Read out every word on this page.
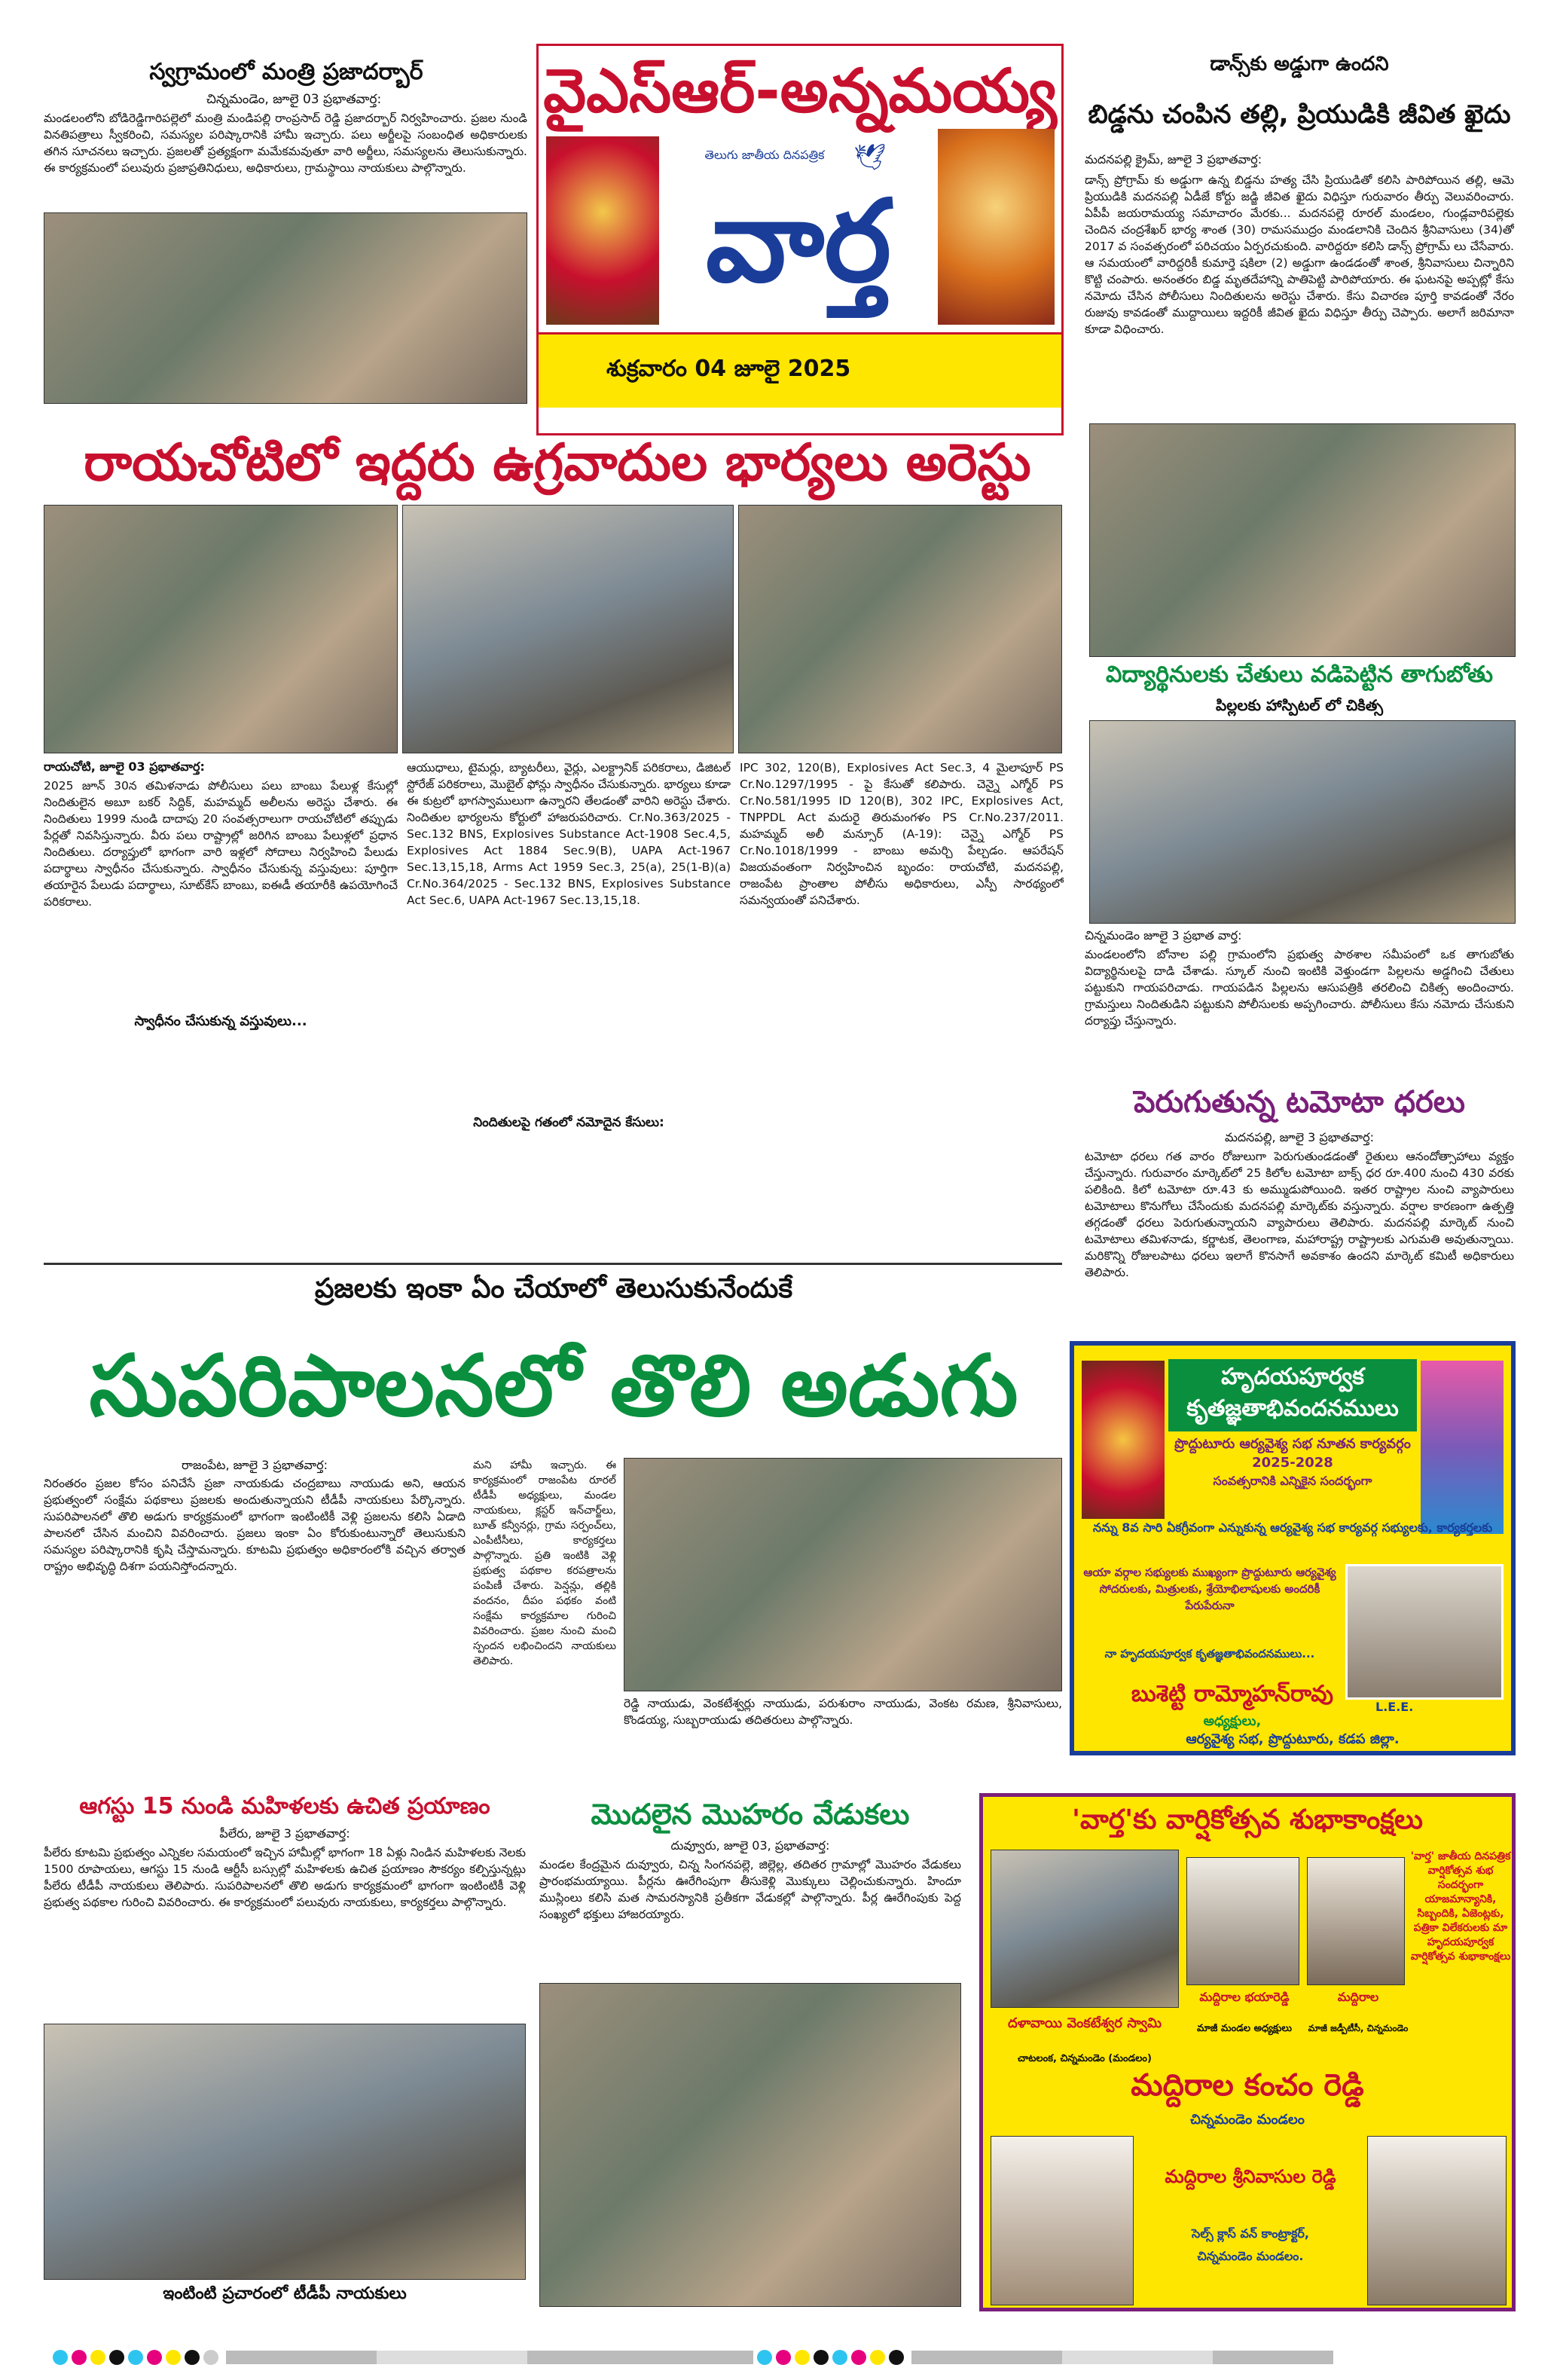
స్వగ్రామంలో మంత్రి ప్రజాదర్బార్
చిన్నమండెం, జూలై 03 ప్రభాతవార్త:
మండలంలోని బోడిరెడ్డిగారిపల్లెలో మంత్రి మండిపల్లి రాంప్రసాద్ రెడ్డి ప్రజాదర్బార్ నిర్వహించారు. ప్రజల నుండి వినతిపత్రాలు స్వీకరించి, సమస్యల పరిష్కారానికి హామీ ఇచ్చారు. పలు అర్జీలపై సంబంధిత అధికారులకు తగిన సూచనలు ఇచ్చారు. ప్రజలతో ప్రత్యక్షంగా మమేకమవుతూ వారి అర్జీలు, సమస్యలను తెలుసుకున్నారు. ఈ కార్యక్రమంలో పలువురు ప్రజాప్రతినిధులు, అధికారులు, గ్రామస్థాయి నాయకులు పాల్గొన్నారు.
వైఎస్ఆర్-అన్నమయ్య
తెలుగు జాతీయ దినపత్రిక	🕊
వార్త
శుక్రవారం 04 జూలై 2025
డాన్స్‌కు అడ్డుగా ఉందని
బిడ్డను చంపిన తల్లి, ప్రియుడికి జీవిత ఖైదు
మదనపల్లి క్రైమ్, జూలై 3 ప్రభాతవార్త:
డాన్స్ ప్రోగ్రామ్ కు అడ్డుగా ఉన్న బిడ్డను హత్య చేసి ప్రియుడితో కలిసి పారిపోయిన తల్లి, ఆమె ప్రియుడికి మదనపల్లి ఏడీజే కోర్టు జడ్జి జీవిత ఖైదు విధిస్తూ గురువారం తీర్పు వెలువరించారు. ఏపీపీ జయరామయ్య సమాచారం మేరకు... మదనపల్లె రూరల్ మండలం, గుండ్లవారిపల్లెకు చెందిన చంద్రశేఖర్ భార్య శాంత (30) రామసముద్రం మండలానికి చెందిన శ్రీనివాసులు (34)తో 2017 వ సంవత్సరంలో పరిచయం ఏర్పరచుకుంది. వారిద్దరూ కలిసి డాన్స్ ప్రోగ్రామ్ లు చేసేవారు. ఆ సమయంలో వారిద్దరికీ కుమార్తె షకిలా (2) అడ్డుగా ఉండడంతో శాంత, శ్రీనివాసులు చిన్నారిని కొట్టి చంపారు. అనంతరం బిడ్డ మృతదేహాన్ని పాతిపెట్టి పారిపోయారు. ఈ ఘటనపై అప్పట్లో కేసు నమోదు చేసిన పోలీసులు నిందితులను అరెస్టు చేశారు. కేసు విచారణ పూర్తి కావడంతో నేరం రుజువు కావడంతో ముద్దాయిలు ఇద్దరికీ జీవిత ఖైదు విధిస్తూ తీర్పు చెప్పారు. అలాగే జరిమానా కూడా విధించారు.
రాయచోటిలో ఇద్దరు ఉగ్రవాదుల భార్యలు అరెస్టు
రాయచోటి, జూలై 03 ప్రభాతవార్త:
2025 జూన్ 30న తమిళనాడు పోలీసులు పలు బాంబు పేలుళ్ల కేసుల్లో నిందితులైన అబూ బకర్ సిద్దిక్, మహమ్మద్ అలీలను అరెస్టు చేశారు. ఈ నిందితులు 1999 నుండి దాదాపు 20 సంవత్సరాలుగా రాయచోటిలో తప్పుడు పేర్లతో నివసిస్తున్నారు. వీరు పలు రాష్ట్రాల్లో జరిగిన బాంబు పేలుళ్లలో ప్రధాన నిందితులు. దర్యాప్తులో భాగంగా వారి ఇళ్లలో సోదాలు నిర్వహించి పేలుడు పదార్థాలు స్వాధీనం చేసుకున్నారు. స్వాధీనం చేసుకున్న వస్తువులు: పూర్తిగా తయారైన పేలుడు పదార్థాలు, సూట్‌కేస్ బాంబు, ఐఈడీ తయారీకి ఉపయోగించే పరికరాలు.
స్వాధీనం చేసుకున్న వస్తువులు...
ఆయుధాలు, టైమర్లు, బ్యాటరీలు, వైర్లు, ఎలక్ట్రానిక్ పరికరాలు, డిజిటల్ స్టోరేజ్ పరికరాలు, మొబైల్ ఫోన్లు స్వాధీనం చేసుకున్నారు. భార్యలు కూడా ఈ కుట్రలో భాగస్వాములుగా ఉన్నారని తేలడంతో వారిని అరెస్టు చేశారు. నిందితుల భార్యలను కోర్టులో హాజరుపరిచారు. Cr.No.363/2025 - Sec.132 BNS, Explosives Substance Act-1908 Sec.4,5, Explosives Act 1884 Sec.9(B), UAPA Act-1967 Sec.13,15,18, Arms Act 1959 Sec.3, 25(a), 25(1-B)(a) Cr.No.364/2025 - Sec.132 BNS, Explosives Substance Act Sec.6, UAPA Act-1967 Sec.13,15,18.
నిందితులపై గతంలో నమోదైన కేసులు:
IPC 302, 120(B), Explosives Act Sec.3, 4 మైలాపూర్ PS Cr.No.1297/1995 - పై కేసుతో కలిపారు. చెన్నై ఎగ్మోర్ PS Cr.No.581/1995 ID 120(B), 302 IPC, Explosives Act, TNPPDL Act మదురై తిరుమంగళం PS Cr.No.237/2011. మహమ్మద్ అలీ మన్సూర్ (A-19): చెన్నై ఎగ్మోర్ PS Cr.No.1018/1999 - బాంబు అమర్చి పేల్చడం. ఆపరేషన్ విజయవంతంగా నిర్వహించిన బృందం: రాయచోటి, మదనపల్లి, రాజంపేట ప్రాంతాల పోలీసు అధికారులు, ఎస్పీ సారథ్యంలో సమన్వయంతో పనిచేశారు.
విద్యార్థినులకు చేతులు వడిపెట్టిన తాగుబోతు
పిల్లలకు హాస్పిటల్ లో చికిత్స
చిన్నమండెం జూలై 3 ప్రభాత వార్త:
మండలంలోని బోనాల పల్లి గ్రామంలోని ప్రభుత్వ పాఠశాల సమీపంలో ఒక తాగుబోతు విద్యార్థినులపై దాడి చేశాడు. స్కూల్ నుంచి ఇంటికి వెళ్తుండగా పిల్లలను అడ్డగించి చేతులు పట్టుకుని గాయపరిచాడు. గాయపడిన పిల్లలను ఆసుపత్రికి తరలించి చికిత్స అందించారు. గ్రామస్తులు నిందితుడిని పట్టుకుని పోలీసులకు అప్పగించారు. పోలీసులు కేసు నమోదు చేసుకుని దర్యాప్తు చేస్తున్నారు.
పెరుగుతున్న టమోటా ధరలు
మదనపల్లి, జూలై 3 ప్రభాతవార్త:
టమోటా ధరలు గత వారం రోజులుగా పెరుగుతుండడంతో రైతులు ఆనందోత్సాహాలు వ్యక్తం చేస్తున్నారు. గురువారం మార్కెట్‌లో 25 కిలోల టమోటా బాక్స్ ధర రూ.400 నుంచి 430 వరకు పలికింది. కిలో టమోటా రూ.43 కు అమ్ముడుపోయింది. ఇతర రాష్ట్రాల నుంచి వ్యాపారులు టమోటాలు కొనుగోలు చేసేందుకు మదనపల్లి మార్కెట్‌కు వస్తున్నారు. వర్షాల కారణంగా ఉత్పత్తి తగ్గడంతో ధరలు పెరుగుతున్నాయని వ్యాపారులు తెలిపారు. మదనపల్లి మార్కెట్ నుంచి టమోటాలు తమిళనాడు, కర్ణాటక, తెలంగాణ, మహారాష్ట్ర రాష్ట్రాలకు ఎగుమతి అవుతున్నాయి. మరికొన్ని రోజులపాటు ధరలు ఇలాగే కొనసాగే అవకాశం ఉందని మార్కెట్ కమిటీ అధికారులు తెలిపారు.
ప్రజలకు ఇంకా ఏం చేయాలో తెలుసుకునేందుకే
సుపరిపాలనలో తొలి అడుగు
రాజంపేట, జూలై 3 ప్రభాతవార్త:
నిరంతరం ప్రజల కోసం పనిచేసే ప్రజా నాయకుడు చంద్రబాబు నాయుడు అని, ఆయన ప్రభుత్వంలో సంక్షేమ పథకాలు ప్రజలకు అందుతున్నాయని టీడీపీ నాయకులు పేర్కొన్నారు. సుపరిపాలనలో తొలి అడుగు కార్యక్రమంలో భాగంగా ఇంటింటికీ వెళ్లి ప్రజలను కలిసి ఏడాది పాలనలో చేసిన మంచిని వివరించారు. ప్రజలు ఇంకా ఏం కోరుకుంటున్నారో తెలుసుకుని సమస్యల పరిష్కారానికి కృషి చేస్తామన్నారు. కూటమి ప్రభుత్వం అధికారంలోకి వచ్చిన తర్వాత రాష్ట్రం అభివృద్ధి దిశగా పయనిస్తోందన్నారు.
మని హామీ ఇచ్చారు. ఈ కార్యక్రమంలో రాజంపేట రూరల్ టీడీపీ అధ్యక్షులు, మండల నాయకులు, క్లస్టర్ ఇన్‌చార్జ్‌లు, బూత్ కన్వీనర్లు, గ్రామ సర్పంచ్‌లు, ఎంపీటీసీలు, కార్యకర్తలు పాల్గొన్నారు. ప్రతి ఇంటికి వెళ్లి ప్రభుత్వ పథకాల కరపత్రాలను పంపిణీ చేశారు. పెన్షన్లు, తల్లికి వందనం, దీపం పథకం వంటి సంక్షేమ కార్యక్రమాల గురించి వివరించారు. ప్రజల నుంచి మంచి స్పందన లభించిందని నాయకులు తెలిపారు.
రెడ్డి నాయుడు, వెంకటేశ్వర్లు నాయుడు, పరుశురాం నాయుడు, వెంకట రమణ, శ్రీనివాసులు, కొండయ్య, సుబ్బరాయుడు తదితరులు పాల్గొన్నారు.
ఆగస్టు 15 నుండి మహిళలకు ఉచిత ప్రయాణం
పీలేరు, జూలై 3 ప్రభాతవార్త:
పీలేరు కూటమి ప్రభుత్వం ఎన్నికల సమయంలో ఇచ్చిన హామీల్లో భాగంగా 18 ఏళ్లు నిండిన మహిళలకు నెలకు 1500 రూపాయలు, ఆగస్టు 15 నుండి ఆర్టీసీ బస్సుల్లో మహిళలకు ఉచిత ప్రయాణం సౌకర్యం కల్పిస్తున్నట్లు పీలేరు టీడీపీ నాయకులు తెలిపారు. సుపరిపాలనలో తొలి అడుగు కార్యక్రమంలో భాగంగా ఇంటింటికీ వెళ్లి ప్రభుత్వ పథకాల గురించి వివరించారు. ఈ కార్యక్రమంలో పలువురు నాయకులు, కార్యకర్తలు పాల్గొన్నారు.
ఇంటింటి ప్రచారంలో టీడీపీ నాయకులు
మొదలైన మొహరం వేడుకలు
దువ్వూరు, జూలై 03, ప్రభాతవార్త:
మండల కేంద్రమైన దువ్వూరు, చిన్న సింగనపల్లె, జిల్లెల్ల, తదితర గ్రామాల్లో మొహరం వేడుకలు ప్రారంభమయ్యాయి. పీర్లను ఊరేగింపుగా తీసుకెళ్లి మొక్కులు చెల్లించుకున్నారు. హిందూ ముస్లింలు కలిసి మత సామరస్యానికి ప్రతీకగా వేడుకల్లో పాల్గొన్నారు. పీర్ల ఊరేగింపుకు పెద్ద సంఖ్యలో భక్తులు హాజరయ్యారు.
హృదయపూర్వక కృతజ్ఞతాభివందనములు
ప్రొద్దుటూరు ఆర్యవైశ్య సభ నూతన కార్యవర్గం 2025-2028
సంవత్సరానికి ఎన్నికైన సందర్భంగా
నన్ను 8వ సారి ఏకగ్రీవంగా ఎన్నుకున్న ఆర్యవైశ్య సభ కార్యవర్గ సభ్యులకు, కార్యకర్తలకు
ఆయా వర్గాల సభ్యులకు ముఖ్యంగా ప్రొద్దుటూరు ఆర్యవైశ్య సోదరులకు, మిత్రులకు, శ్రేయోభిలాషులకు అందరికీ పేరుపేరునా
నా హృదయపూర్వక కృతజ్ఞతాభివందనములు...
బుశెట్టి రామ్మోహన్‌రావు	L.E.E.
అధ్యక్షులు,
ఆర్యవైశ్య సభ, ప్రొద్దుటూరు, కడప జిల్లా.
'వార్త'కు వార్షికోత్సవ శుభాకాంక్షలు
'వార్త' జాతీయ దినపత్రిక వార్షికోత్సవ శుభ సందర్భంగా యాజమాన్యానికి, సిబ్బందికి, ఏజెంట్లకు, పత్రికా విలేకరులకు మా హృదయపూర్వక వార్షికోత్సవ శుభాకాంక్షలు
దళావాయి వెంకటేశ్వర స్వామి
చాటలంక, చిన్నమండెం (మండలం)
మద్దిరాల భయారెడ్డి
మాజీ మండల అధ్యక్షులు
మద్దిరాల
మాజీ జడ్పీటీసీ, చిన్నమండెం
మద్దిరాల కంచం రెడ్డి
చిన్నమండెం మండలం
మద్దిరాల శ్రీనివాసుల రెడ్డి
సెల్స్ క్లాస్ వన్ కాంట్రాక్టర్,
చిన్నమండెం మండలం.
